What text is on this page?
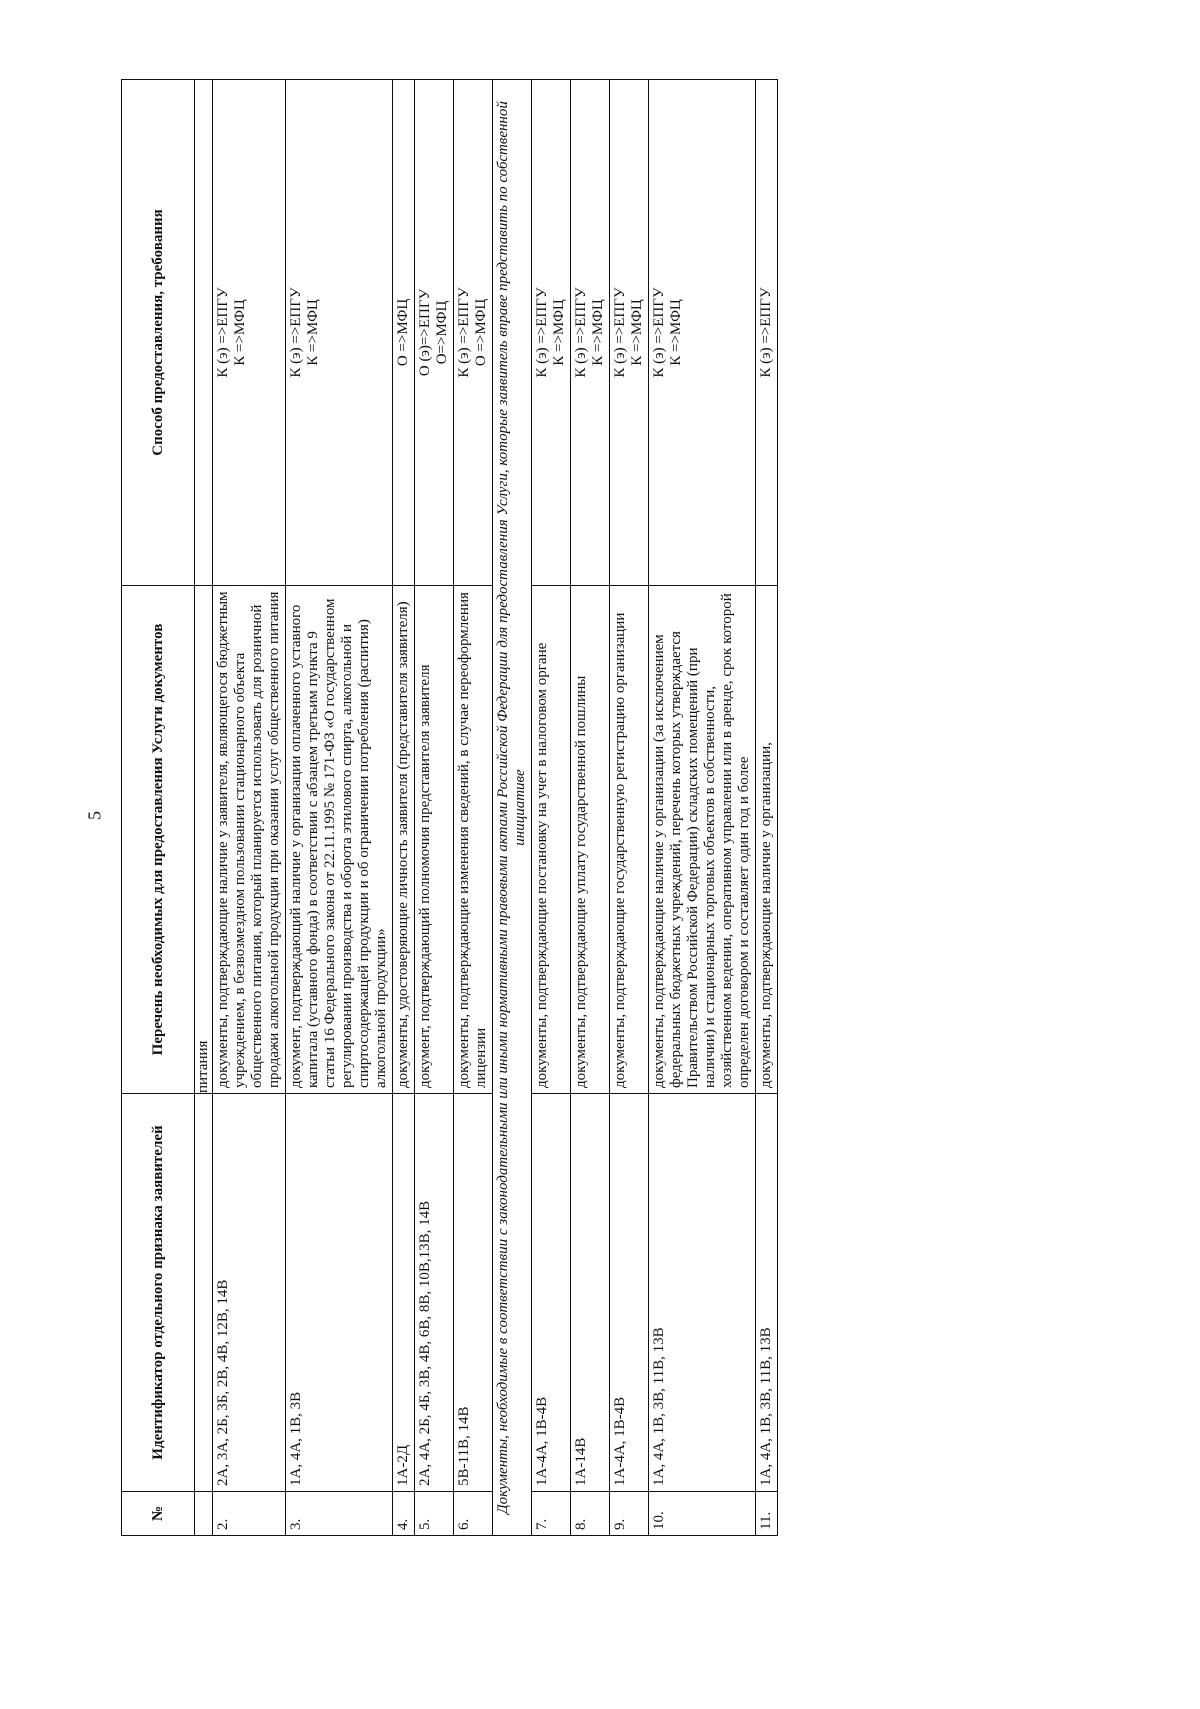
5
№	Идентификатор отдельного признака заявителей	Перечень необходимых для предоставления Услуги документов	Способ предоставления, требования
		питания	
2.	2А, 3А, 2Б, 3Б, 2В, 4В, 12В, 14В	документы, подтверждающие наличие у заявителя, являющегося бюджетным учреждением, в безвозмездном пользовании стационарного объекта общественного питания, который планируется использовать для розничной продажи алкогольной продукции при оказании услуг общественного питания	К (э) =>ЕПГУ К =>МФЦ

3.	1А, 4А, 1В, 3В	документ, подтверждающий наличие у организации оплаченного уставного капитала (уставного фонда) в соответствии с абзацем третьим пункта 9 статьи 16 Федерального закона от 22.11.1995 № 171-ФЗ «О государственном регулировании производства и оборота этилового спирта, алкогольной и спиртосодержащей продукции и об ограничении потребления (распития) алкогольной продукции»	К (э) =>ЕПГУ К =>МФЦ

4.	1А-2Д	документы, удостоверяющие личность заявителя (представителя заявителя)	О =>МФЦ

5.	2А, 4А, 2Б, 4Б, 3В, 4В, 6В, 8В, 10В,13В, 14В	документ, подтверждающий полномочия представителя заявителя	О (э)=>ЕПГУ О=>МФЦ

6.	5В-11В, 14В	документы, подтверждающие изменения сведений, в случае переоформления лицензии	К (э) =>ЕПГУ О =>МФЦ

Документы, необходимые в соответствии с законодательными или иными нормативными правовыми актами Российской Федерации для предоставления Услуги, которые заявитель вправе представить по собственной инициативе			
7.	1А-4А, 1В-4В	документы, подтверждающие постановку на учет в налоговом органе	К (э) =>ЕПГУ К =>МФЦ

8.	1А-14В	документы, подтверждающие уплату государственной пошлины	К (э) =>ЕПГУ К =>МФЦ

9.	1А-4А, 1В-4В	документы, подтверждающие государственную регистрацию организации	К (э) =>ЕПГУ К =>МФЦ

10.	1А, 4А, 1В, 3В, 11В, 13В	документы, подтверждающие наличие у организации (за исключением федеральных бюджетных учреждений, перечень которых утверждается Правительством Российской Федерации) складских помещений (при наличии) и стационарных торговых объектов в собственности, хозяйственном ведении, оперативном управлении или в аренде, срок которой определен договором и составляет один год и более	К (э) =>ЕПГУ К =>МФЦ

11.	1А, 4А, 1В, 3В, 11В, 13В	документы, подтверждающие наличие у организации,	К (э) =>ЕПГУ
